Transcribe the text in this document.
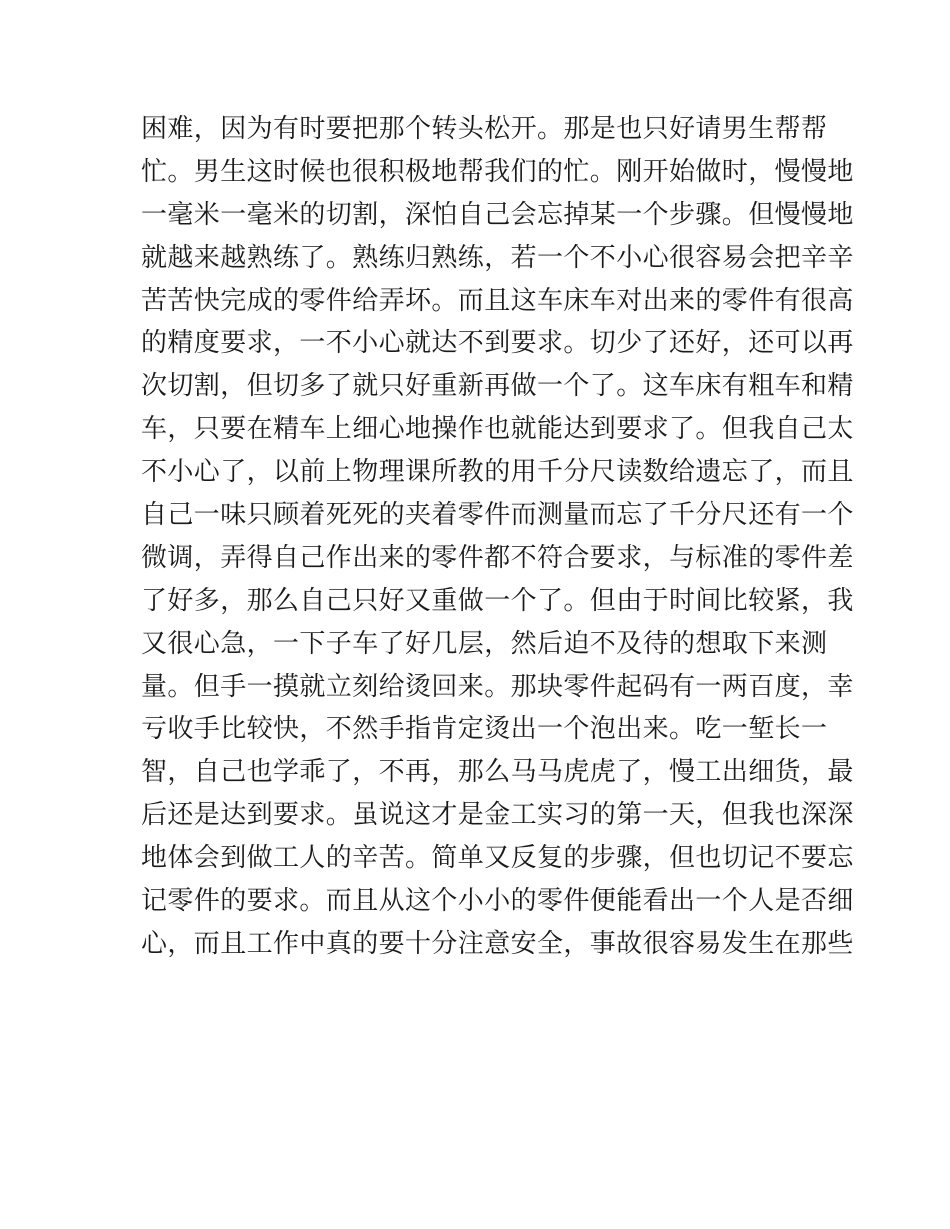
困难，因为有时要把那个转头松开。那是也只好请男生帮帮
忙。男生这时候也很积极地帮我们的忙。刚开始做时，慢慢地
一毫米一毫米的切割，深怕自己会忘掉某一个步骤。但慢慢地
就越来越熟练了。熟练归熟练，若一个不小心很容易会把辛辛
苦苦快完成的零件给弄坏。而且这车床车对出来的零件有很高
的精度要求，一不小心就达不到要求。切少了还好，还可以再
次切割，但切多了就只好重新再做一个了。这车床有粗车和精
车，只要在精车上细心地操作也就能达到要求了。但我自己太
不小心了，以前上物理课所教的用千分尺读数给遗忘了，而且
自己一味只顾着死死的夹着零件而测量而忘了千分尺还有一个
微调，弄得自己作出来的零件都不符合要求，与标准的零件差
了好多，那么自己只好又重做一个了。但由于时间比较紧，我
又很心急，一下子车了好几层，然后迫不及待的想取下来测
量。但手一摸就立刻给烫回来。那块零件起码有一两百度，幸
亏收手比较快，不然手指肯定烫出一个泡出来。吃一堑长一
智，自己也学乖了，不再，那么马马虎虎了，慢工出细货，最
后还是达到要求。虽说这才是金工实习的第一天，但我也深深
地体会到做工人的辛苦。简单又反复的步骤，但也切记不要忘
记零件的要求。而且从这个小小的零件便能看出一个人是否细
心，而且工作中真的要十分注意安全，事故很容易发生在那些
